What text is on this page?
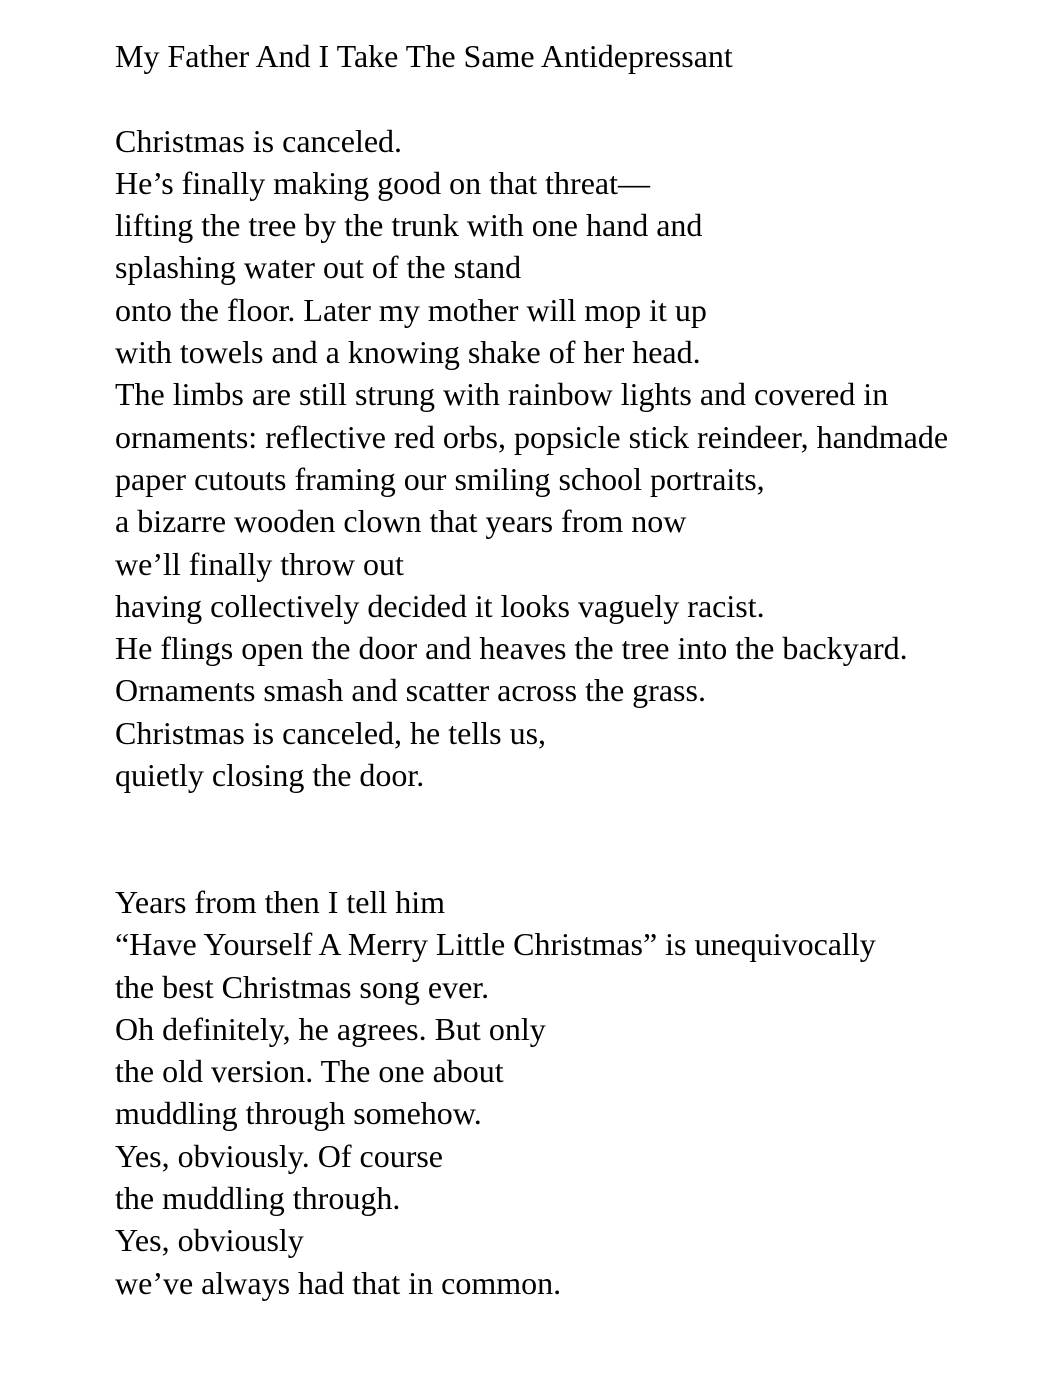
My Father And I Take The Same Antidepressant
Christmas is canceled.
He’s finally making good on that threat—
lifting the tree by the trunk with one hand and
splashing water out of the stand
onto the floor. Later my mother will mop it up
with towels and a knowing shake of her head.
The limbs are still strung with rainbow lights and covered in
ornaments: reflective red orbs, popsicle stick reindeer, handmade
paper cutouts framing our smiling school portraits,
a bizarre wooden clown that years from now
we’ll finally throw out
having collectively decided it looks vaguely racist.
He flings open the door and heaves the tree into the backyard.
Ornaments smash and scatter across the grass.
Christmas is canceled, he tells us,
quietly closing the door.
Years from then I tell him
“Have Yourself A Merry Little Christmas” is unequivocally
the best Christmas song ever.
Oh definitely, he agrees. But only
the old version. The one about
muddling through somehow.
Yes, obviously. Of course
the muddling through.
Yes, obviously
we’ve always had that in common.
